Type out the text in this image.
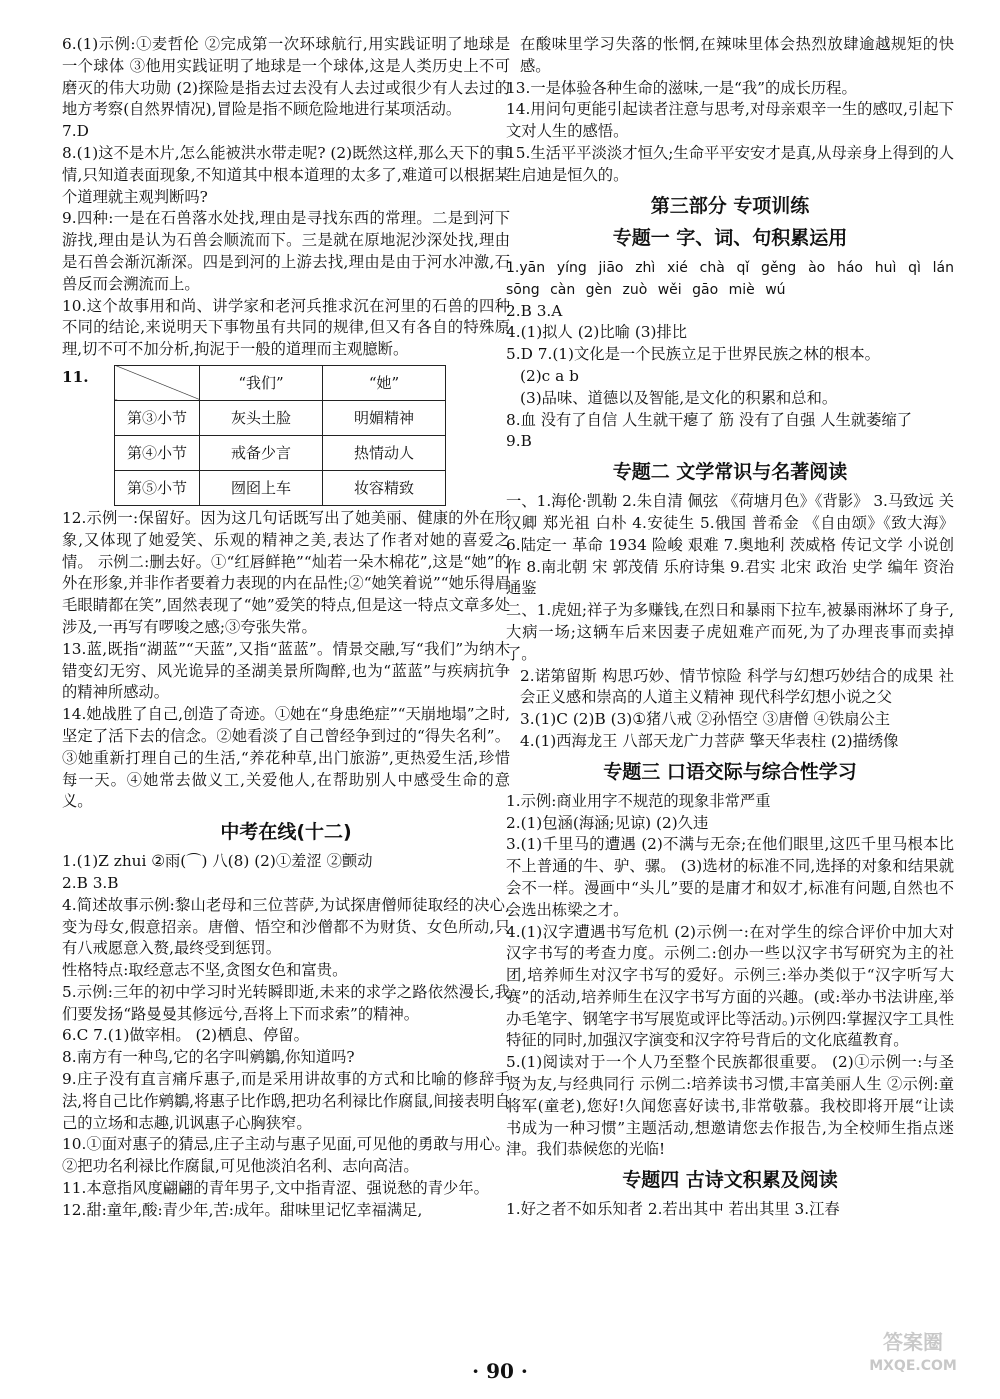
6.(1)示例:①麦哲伦 ②完成第一次环球航行,用实践证明了地球是一个球体 ③他用实践证明了地球是一个球体,这是人类历史上不可磨灭的伟大功勋 (2)探险是指去过去没有人去过或很少有人去过的地方考察(自然界情况),冒险是指不顾危险地进行某项活动。

7.D

8.(1)这不是木片,怎么能被洪水带走呢? (2)既然这样,那么天下的事情,只知道表面现象,不知道其中根本道理的太多了,难道可以根据某个道理就主观判断吗?

9.四种:一是在石兽落水处找,理由是寻找东西的常理。二是到河下游找,理由是认为石兽会顺流而下。三是就在原地泥沙深处找,理由是石兽会渐沉渐深。四是到河的上游去找,理由是由于河水冲激,石兽反而会溯流而上。

10.这个故事用和尚、讲学家和老河兵推求沉在河里的石兽的四种不同的结论,来说明天下事物虽有共同的规律,但又有各自的特殊原理,切不可不加分析,拘泥于一般的道理而主观臆断。

11.
		“我们”	“她”
第③小节	灰头土脸	明媚精神
第④小节	戒备少言	热情动人
第⑤小节	囫囵上车	妆容精致

12.示例一:保留好。因为这几句话既写出了她美丽、健康的外在形象,又体现了她爱笑、乐观的精神之美,表达了作者对她的喜爱之情。 示例二:删去好。①“红唇鲜艳”“灿若一朵木棉花”,这是“她”的外在形象,并非作者要着力表现的内在品性;②“她笑着说”“她乐得眉毛眼睛都在笑”,固然表现了“她”爱笑的特点,但是这一特点文章多处涉及,一再写有啰唆之感;③夸张失常。

13.蓝,既指“湖蓝”“天蓝”,又指“蓝蓝”。情景交融,写“我们”为纳木错变幻无穷、风光诡异的圣湖美景所陶醉,也为“蓝蓝”与疾病抗争的精神所感动。

14.她战胜了自己,创造了奇迹。①她在“身患绝症”“天崩地塌”之时,坚定了活下去的信念。②她看淡了自己曾经争到过的“得失名利”。③她重新打理自己的生活,“养花种草,出门旅游”,更热爱生活,珍惜每一天。④她常去做义工,关爱他人,在帮助别人中感受生命的意义。

中考在线(十二)

1.(1)Z zhui ②雨(⌒) 八(8) (2)①羞涩 ②颤动

2.B 3.B

4.简述故事示例:黎山老母和三位菩萨,为试探唐僧师徒取经的决心,变为母女,假意招亲。唐僧、悟空和沙僧都不为财货、女色所动,只有八戒愿意入赘,最终受到惩罚。

性格特点:取经意志不坚,贪图女色和富贵。

5.示例:三年的初中学习时光转瞬即逝,未来的求学之路依然漫长,我们要发扬“路曼曼其修远兮,吾将上下而求索”的精神。

6.C 7.(1)做宰相。 (2)栖息、停留。

8.南方有一种鸟,它的名字叫鹓鶵,你知道吗?

9.庄子没有直言痛斥惠子,而是采用讲故事的方式和比喻的修辞手法,将自己比作鹓鶵,将惠子比作鸱,把功名利禄比作腐鼠,间接表明自己的立场和志趣,讥讽惠子心胸狭窄。

10.①面对惠子的猜忌,庄子主动与惠子见面,可见他的勇敢与用心。②把功名利禄比作腐鼠,可见他淡泊名利、志向高洁。

11.本意指风度翩翩的青年男子,文中指青涩、强说愁的青少年。

12.甜:童年,酸:青少年,苦:成年。甜味里记忆幸福满足,

在酸味里学习失落的怅惘,在辣味里体会热烈放肆逾越规矩的快感。

13.一是体验各种生命的滋味,一是“我”的成长历程。

14.用问句更能引起读者注意与思考,对母亲艰辛一生的感叹,引起下文对人生的感悟。

15.生活平平淡淡才恒久;生命平平安安才是真,从母亲身上得到的人生启迪是恒久的。

第三部分 专项训练
专题一 字、词、句积累运用

1.yān yíng jiāo zhì xié chà qǐ gěng ào háo huì qì lán sōng càn gèn zuò wěi gāo miè wú

2.B 3.A

4.(1)拟人 (2)比喻 (3)排比

5.D 7.(1)文化是一个民族立足于世界民族之林的根本。

(2)c a b

(3)品味、道德以及智能,是文化的积累和总和。

8.血 没有了自信 人生就干瘪了 筋 没有了自强 人生就萎缩了

9.B

专题二 文学常识与名著阅读

一、1.海伦·凯勒 2.朱自清 佩弦 《荷塘月色》《背影》 3.马致远 关汉卿 郑光祖 白朴 4.安徒生 5.俄国 普希金 《自由颂》《致大海》 6.陆定一 革命 1934 险峻 艰难 7.奥地利 茨威格 传记文学 小说创作 8.南北朝 宋 郭茂倩 乐府诗集 9.君实 北宋 政治 史学 编年 资治通鉴

二、1.虎妞;祥子为多赚钱,在烈日和暴雨下拉车,被暴雨淋坏了身子,大病一场;这辆车后来因妻子虎妞难产而死,为了办理丧事而卖掉了。

2.诺第留斯 构思巧妙、情节惊险 科学与幻想巧妙结合的成果 社会正义感和崇高的人道主义精神 现代科学幻想小说之父

3.(1)C (2)B (3)①猪八戒 ②孙悟空 ③唐僧 ④铁扇公主

4.(1)西海龙王 八部天龙广力菩萨 擎天华表柱 (2)描绣像

专题三 口语交际与综合性学习

1.示例:商业用字不规范的现象非常严重

2.(1)包涵(海涵;见谅) (2)久违

3.(1)千里马的遭遇 (2)不满与无奈;在他们眼里,这匹千里马根本比不上普通的牛、驴、骡。 (3)选材的标准不同,选择的对象和结果就会不一样。漫画中“头儿”要的是庸才和奴才,标准有问题,自然也不会选出栋梁之才。

4.(1)汉字遭遇书写危机 (2)示例一:在对学生的综合评价中加大对汉字书写的考查力度。示例二:创办一些以汉字书写研究为主的社团,培养师生对汉字书写的爱好。示例三:举办类似于“汉字听写大赛”的活动,培养师生在汉字书写方面的兴趣。(或:举办书法讲座,举办毛笔字、钢笔字书写展览或评比等活动。)示例四:掌握汉字工具性特征的同时,加强汉字演变和汉字符号背后的文化底蕴教育。

5.(1)阅读对于一个人乃至整个民族都很重要。 (2)①示例一:与圣贤为友,与经典同行 示例二:培养读书习惯,丰富美丽人生 ②示例:童将军(童老),您好!久闻您喜好读书,非常敬慕。我校即将开展“让读书成为一种习惯”主题活动,想邀请您去作报告,为全校师生指点迷津。我们恭候您的光临!

专题四 古诗文积累及阅读

1.好之者不如乐知者 2.若出其中 若出其里 3.江春

· 90 ·
答案圈
MXQE.COM
